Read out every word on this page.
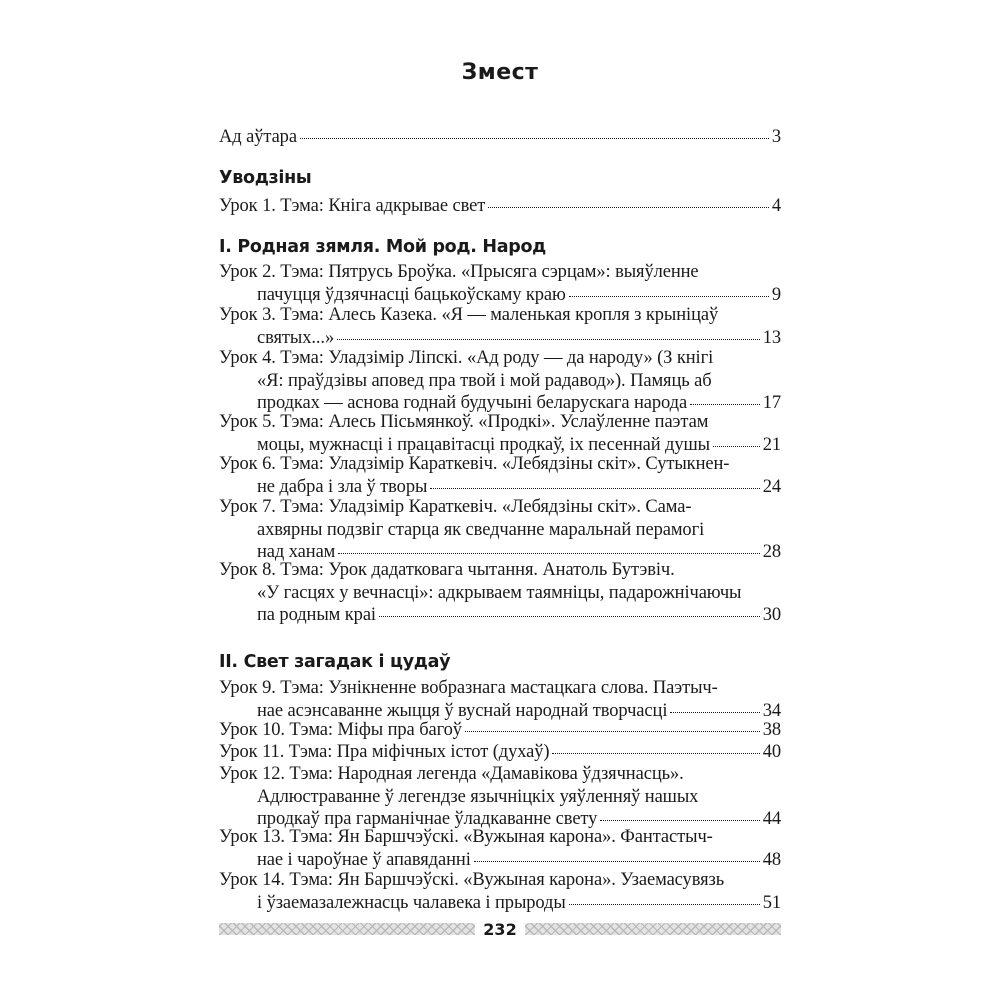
Змест
Ад аўтара	3
Уводзіны
Урок 1. Тэма: Кніга адкрывае свет	4
I. Родная зямля. Мой род. Народ
Урок 2. Тэма: Пятрусь Броўка. «Прысяга сэрцам»: выяўленне
пачуцця ўдзячнасці бацькоўскаму краю	9
Урок 3. Тэма: Алесь Казека. «Я — маленькая кропля з крыніцаў
святых...»	13
Урок 4. Тэма: Уладзімір Ліпскі. «Ад роду — да народу» (З кнігі
«Я: праўдзівы аповед пра твой і мой радавод»). Памяць аб
продках — аснова годнай будучыні беларускага народа	17
Урок 5. Тэма: Алесь Пісьмянкоў. «Продкі». Услаўленне паэтам
моцы, мужнасці і працавітасці продкаў, іх песеннай душы	21
Урок 6. Тэма: Уладзімір Караткевіч. «Лебядзіны скіт». Сутыкнен-
не дабра і зла ў творы	24
Урок 7. Тэма: Уладзімір Караткевіч. «Лебядзіны скіт». Сама-
ахвярны подзвіг старца як сведчанне маральнай перамогі
над ханам	28
Урок 8. Тэма: Урок дадатковага чытання. Анатоль Бутэвіч.
«У гасцях у вечнасці»: адкрываем таямніцы, падарожнічаючы
па родным краі	30
II. Свет загадак і цудаў
Урок 9. Тэма: Узнікненне вобразнага мастацкага слова. Паэтыч-
нае асэнсаванне жыцця ў вуснай народнай творчасці	34
Урок 10. Тэма: Міфы пра багоў	38
Урок 11. Тэма: Пра міфічных істот (духаў)	40
Урок 12. Тэма: Народная легенда «Дамавікова ўдзячнасць».
Адлюстраванне ў легендзе язычніцкіх уяўленняў нашых
продкаў пра гарманічнае ўладкаванне свету	44
Урок 13. Тэма: Ян Баршчэўскі. «Вужыная карона». Фантастыч-
нае і чароўнае ў апавяданні	48
Урок 14. Тэма: Ян Баршчэўскі. «Вужыная карона». Узаемасувязь
і ўзаемазалежнасць чалавека і прыроды	51
232
